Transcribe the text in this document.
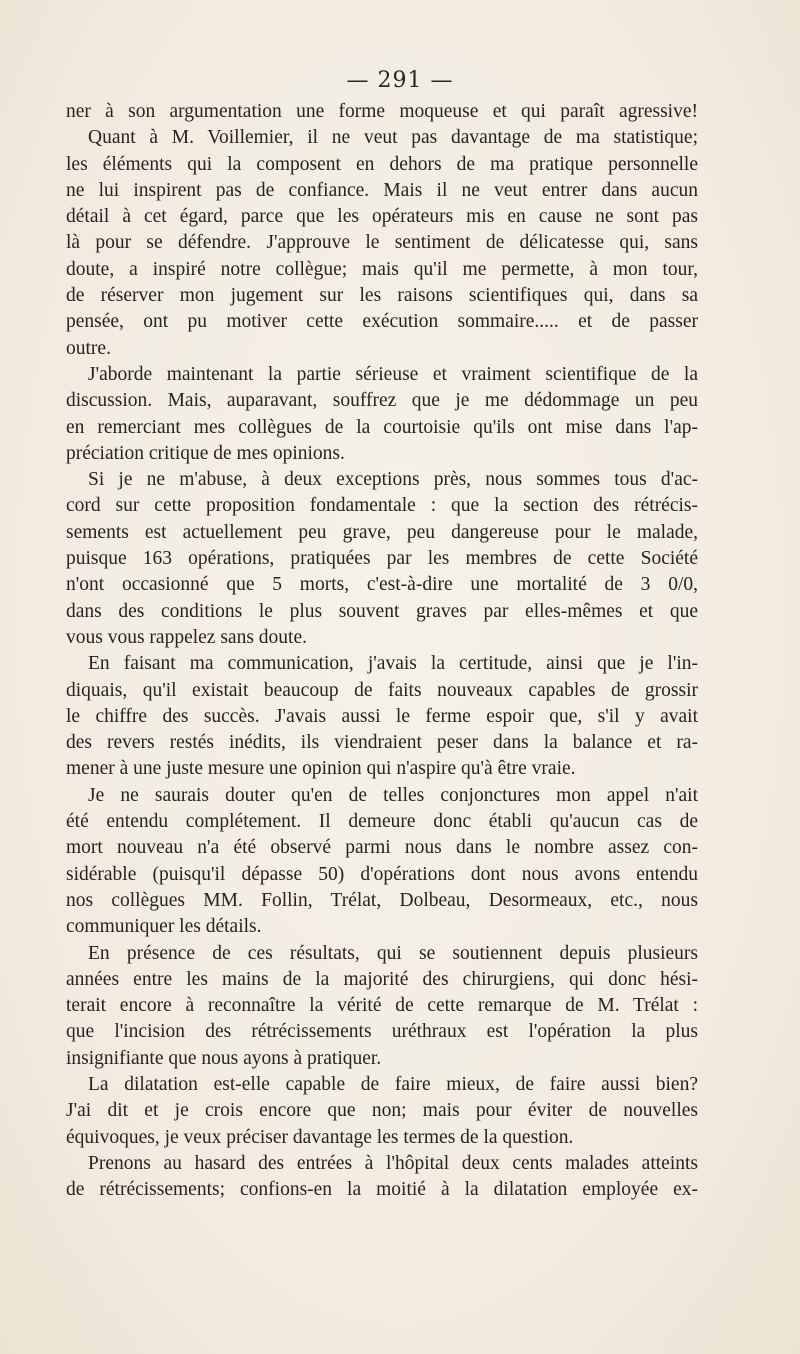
— 291 —
ner à son argumentation une forme moqueuse et qui paraît agressive!
Quant à M. Voillemier, il ne veut pas davantage de ma statistique;
les éléments qui la composent en dehors de ma pratique personnelle
ne lui inspirent pas de confiance. Mais il ne veut entrer dans aucun
détail à cet égard, parce que les opérateurs mis en cause ne sont pas
là pour se défendre. J'approuve le sentiment de délicatesse qui, sans
doute, a inspiré notre collègue; mais qu'il me permette, à mon tour,
de réserver mon jugement sur les raisons scientifiques qui, dans sa
pensée, ont pu motiver cette exécution sommaire..... et de passer
outre.
J'aborde maintenant la partie sérieuse et vraiment scientifique de la
discussion. Mais, auparavant, souffrez que je me dédommage un peu
en remerciant mes collègues de la courtoisie qu'ils ont mise dans l'ap-
préciation critique de mes opinions.
Si je ne m'abuse, à deux exceptions près, nous sommes tous d'ac-
cord sur cette proposition fondamentale : que la section des rétrécis-
sements est actuellement peu grave, peu dangereuse pour le malade,
puisque 163 opérations, pratiquées par les membres de cette Société
n'ont occasionné que 5 morts, c'est-à-dire une mortalité de 3 0/0,
dans des conditions le plus souvent graves par elles-mêmes et que
vous vous rappelez sans doute.
En faisant ma communication, j'avais la certitude, ainsi que je l'in-
diquais, qu'il existait beaucoup de faits nouveaux capables de grossir
le chiffre des succès. J'avais aussi le ferme espoir que, s'il y avait
des revers restés inédits, ils viendraient peser dans la balance et ra-
mener à une juste mesure une opinion qui n'aspire qu'à être vraie.
Je ne saurais douter qu'en de telles conjonctures mon appel n'ait
été entendu complétement. Il demeure donc établi qu'aucun cas de
mort nouveau n'a été observé parmi nous dans le nombre assez con-
sidérable (puisqu'il dépasse 50) d'opérations dont nous avons entendu
nos collègues MM. Follin, Trélat, Dolbeau, Desormeaux, etc., nous
communiquer les détails.
En présence de ces résultats, qui se soutiennent depuis plusieurs
années entre les mains de la majorité des chirurgiens, qui donc hési-
terait encore à reconnaître la vérité de cette remarque de M. Trélat :
que l'incision des rétrécissements uréthraux est l'opération la plus
insignifiante que nous ayons à pratiquer.
La dilatation est-elle capable de faire mieux, de faire aussi bien?
J'ai dit et je crois encore que non; mais pour éviter de nouvelles
équivoques, je veux préciser davantage les termes de la question.
Prenons au hasard des entrées à l'hôpital deux cents malades atteints
de rétrécissements; confions-en la moitié à la dilatation employée ex-
